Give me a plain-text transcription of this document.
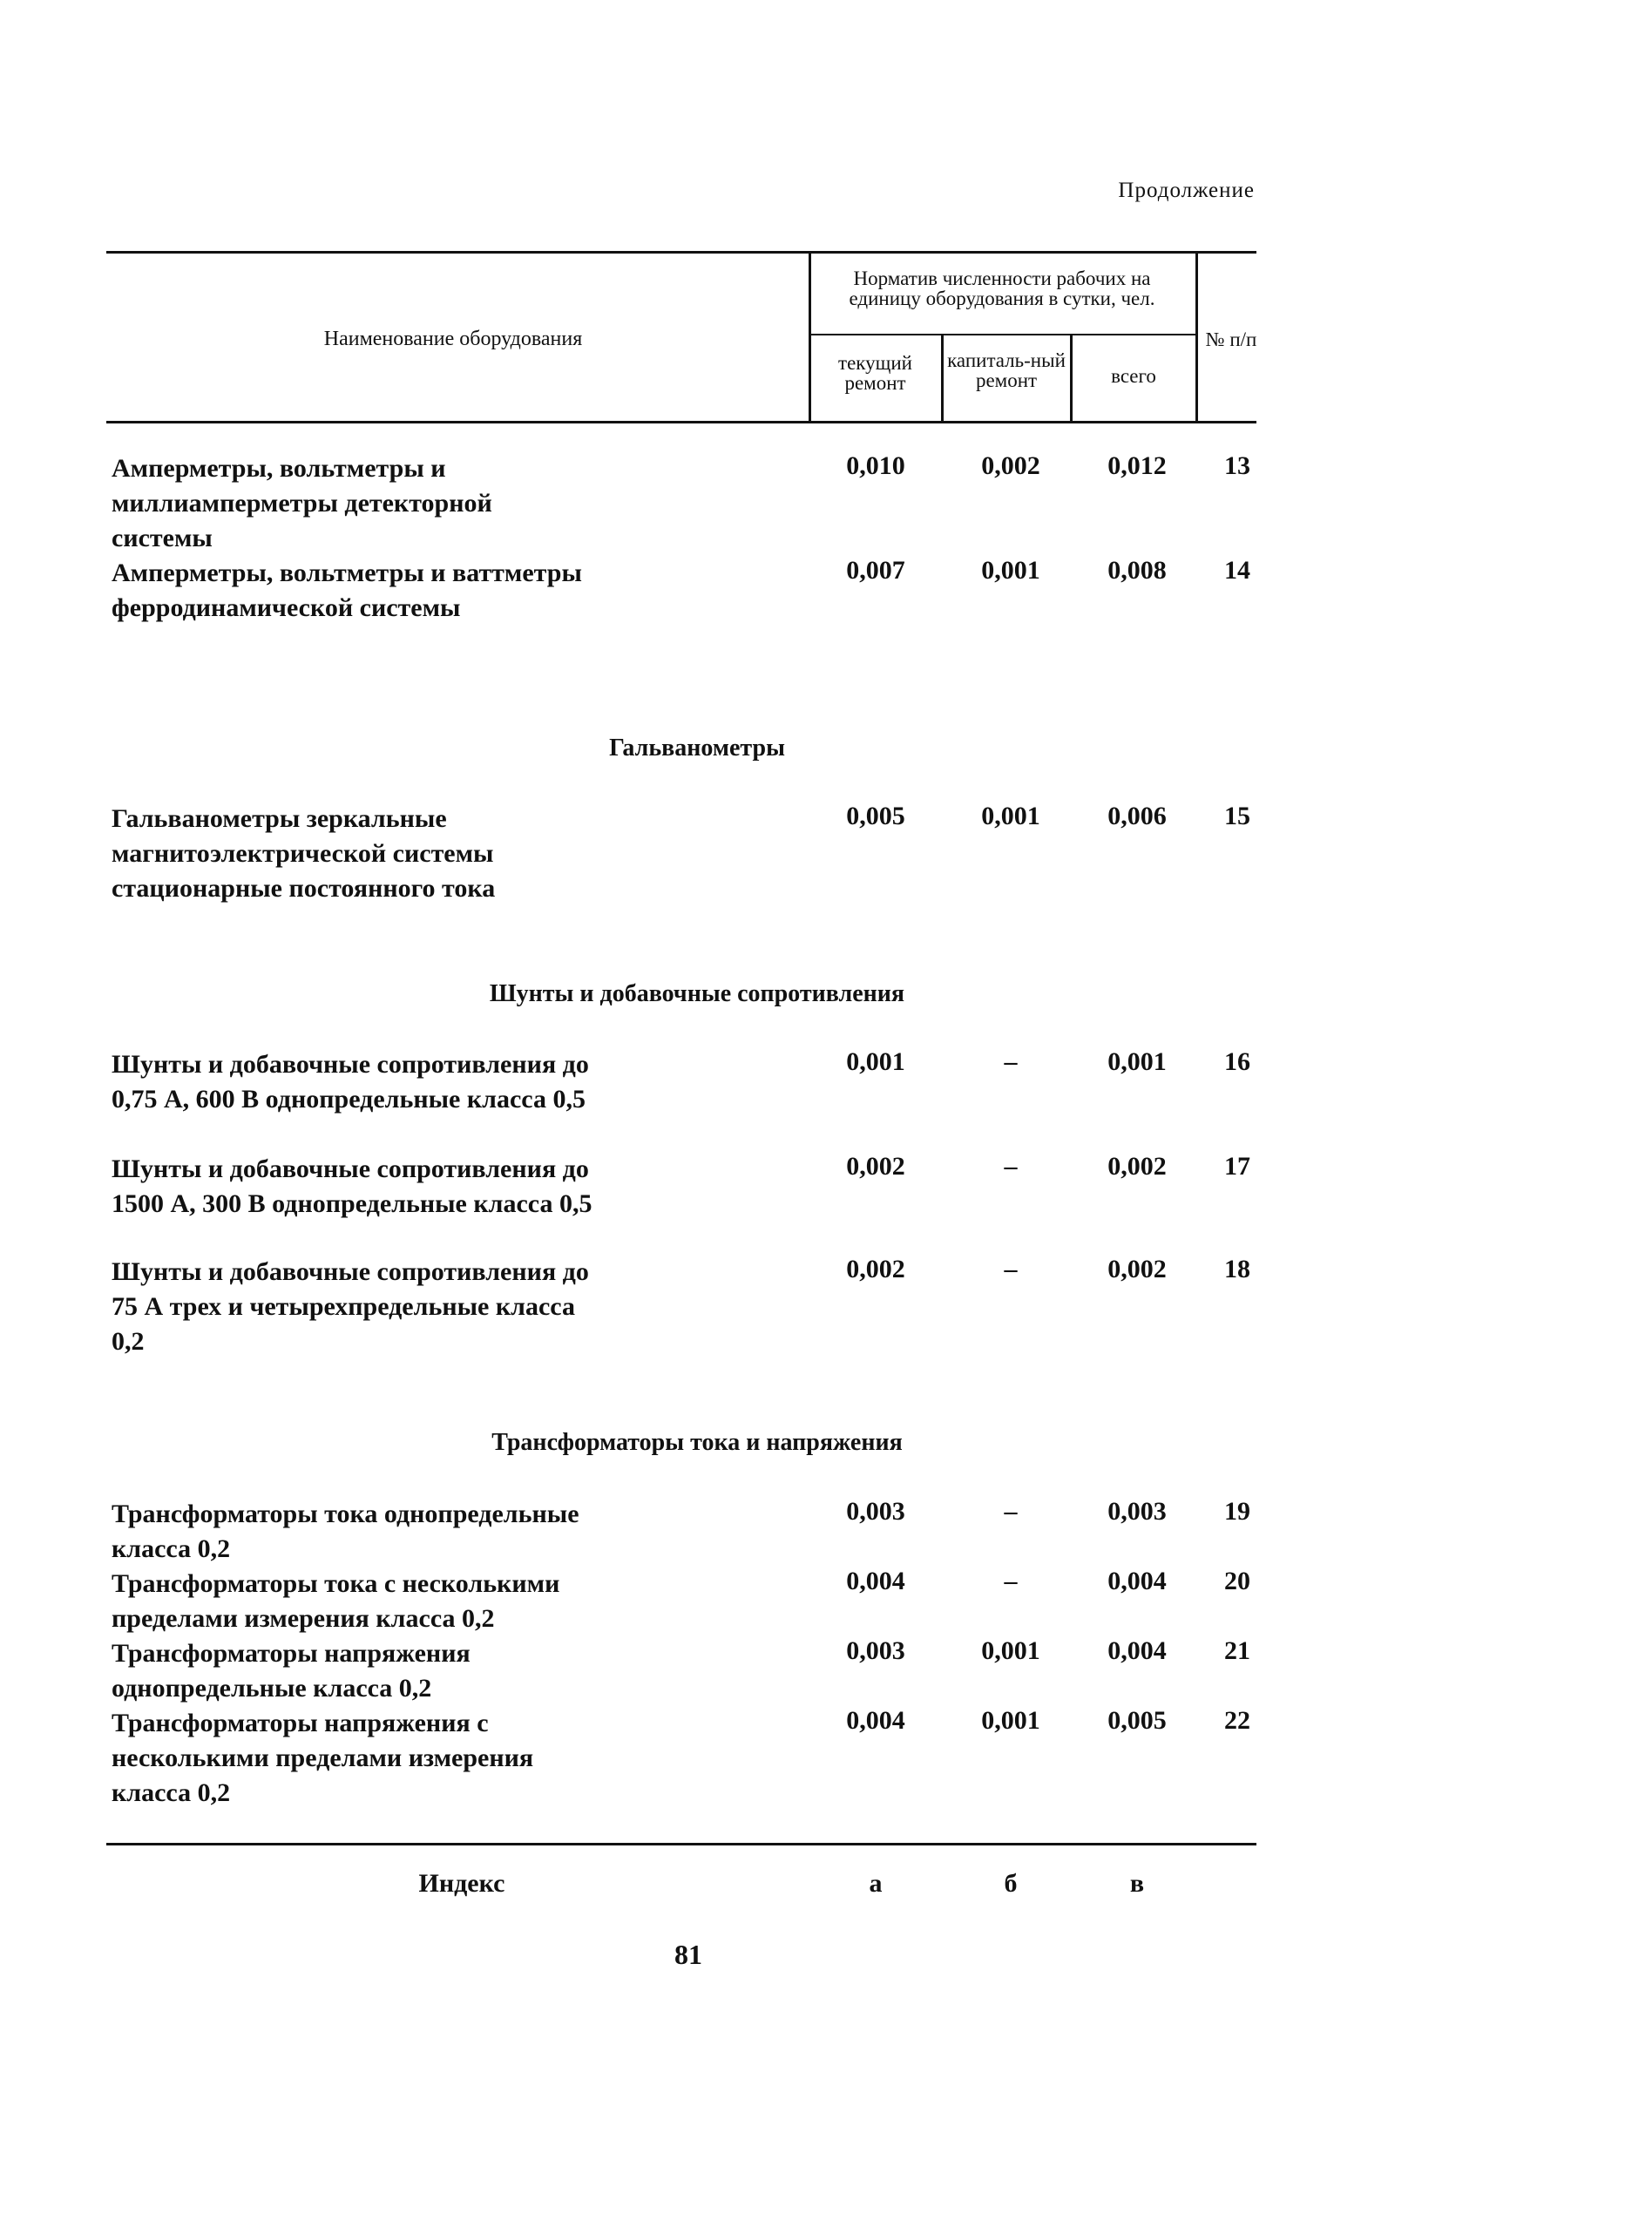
Продолжение
Наименование оборудования
Норматив численности рабочих на единицу оборудования в сутки, чел.
текущий ремонт
капиталь-ный ремонт	всего
№ п/п
Амперметры, вольтметры и миллиамперметры детекторной системы
0,010	0,002	0,012	13
Амперметры, вольтметры и ваттметры ферродинамической системы
0,007	0,001	0,008	14
Гальванометры
Гальванометры зеркальные магнитоэлектрической системы стационарные постоянного тока
0,005	0,001	0,006	15
Шунты и добавочные сопротивления
Шунты и добавочные сопротивления до 0,75 А, 600 В однопредельные класса 0,5
0,001	–	0,001	16
Шунты и добавочные сопротивления до 1500 А, 300 В однопредельные класса 0,5
0,002	–	0,002	17
Шунты и добавочные сопротивления до 75 А трех и четырехпредельные класса 0,2
0,002	–	0,002	18
Трансформаторы тока и напряжения
Трансформаторы тока однопредельные класса 0,2
0,003	–	0,003	19
Трансформаторы тока с несколькими пределами измерения класса 0,2
0,004	–	0,004	20
Трансформаторы напряжения однопредельные класса 0,2
0,003	0,001	0,004	21
Трансформаторы напряжения с несколькими пределами измерения класса 0,2
0,004	0,001	0,005	22
Индекс	а	б	в
81
